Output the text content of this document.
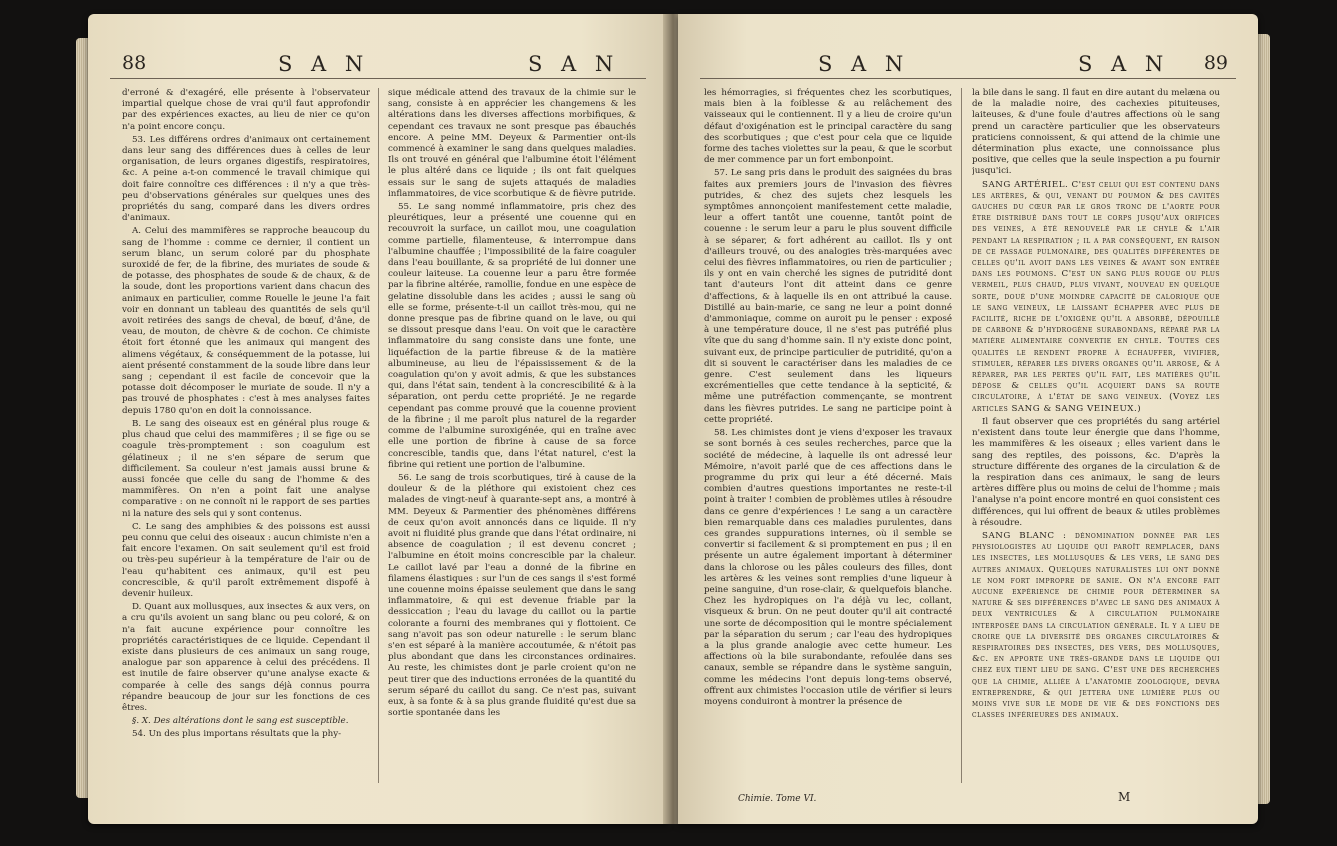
88	S A N	S A N

d'erroné & d'exagéré, elle présente à l'observateur impartial quelque chose de vrai qu'il faut approfondir par des expériences exactes, au lieu de nier ce qu'on n'a point encore conçu.

53. Les différens ordres d'animaux ont certainement dans leur sang des différences dues à celles de leur organisation, de leurs organes digestifs, respiratoires, &c. A peine a-t-on commencé le travail chimique qui doit faire connoître ces différences : il n'y a que très-peu d'observations générales sur quelques unes des propriétés du sang, comparé dans les divers ordres d'animaux.

A. Celui des mammifères se rapproche beaucoup du sang de l'homme : comme ce dernier, il contient un serum blanc, un serum coloré par du phosphate suroxidé de fer, de la fibrine, des muriates de soude & de potasse, des phosphates de soude & de chaux, & de la soude, dont les proportions varient dans chacun des animaux en particulier, comme Rouelle le jeune l'a fait voir en donnant un tableau des quantités de sels qu'il avoit retirées des sangs de cheval, de bœuf, d'âne, de veau, de mouton, de chèvre & de cochon. Ce chimiste étoit fort étonné que les animaux qui mangent des alimens végétaux, & conséquemment de la potasse, lui aient présenté constamment de la soude libre dans leur sang ; cependant il est facile de concevoir que la potasse doit décomposer le muriate de soude. Il n'y a pas trouvé de phosphates : c'est à mes analyses faites depuis 1780 qu'on en doit la connoissance.

B. Le sang des oiseaux est en général plus rouge & plus chaud que celui des mammifères ; il se fige ou se coagule très-promptement : son coagulum est gélatineux ; il ne s'en sépare de serum que difficilement. Sa couleur n'est jamais aussi brune & aussi foncée que celle du sang de l'homme & des mammifères. On n'en a point fait une analyse comparative : on ne connoît ni le rapport de ses parties ni la nature des sels qui y sont contenus.

C. Le sang des amphibies & des poissons est aussi peu connu que celui des oiseaux : aucun chimiste n'en a fait encore l'examen. On sait seulement qu'il est froid ou très-peu supérieur à la température de l'air ou de l'eau qu'habitent ces animaux, qu'il est peu concrescible, & qu'il paroît extrêmement dispofé à devenir huileux.

D. Quant aux mollusques, aux insectes & aux vers, on a cru qu'ils avoient un sang blanc ou peu coloré, & on n'a fait aucune expérience pour connoître les propriétés caractéristiques de ce liquide. Cependant il existe dans plusieurs de ces animaux un sang rouge, analogue par son apparence à celui des précédens. Il est inutile de faire observer qu'une analyse exacte & comparée à celle des sangs déjà connus pourra répandre beaucoup de jour sur les fonctions de ces êtres.

§. X. Des altérations dont le sang est susceptible.

54. Un des plus importans résultats que la phy-

sique médicale attend des travaux de la chimie sur le sang, consiste à en apprécier les changemens & les altérations dans les diverses affections morbifiques, & cependant ces travaux ne sont presque pas ébauchés encore. A peine MM. Deyeux & Parmentier ont-ils commencé à examiner le sang dans quelques maladies. Ils ont trouvé en général que l'albumine étoit l'élément le plus altéré dans ce liquide ; ils ont fait quelques essais sur le sang de sujets attaqués de maladies inflammatoires, de vice scorbutique & de fièvre putride.

55. Le sang nommé inflammatoire, pris chez des pleurétiques, leur a présenté une couenne qui en recouvroit la surface, un caillot mou, une coagulation comme partielle, filamenteuse, & interrompue dans l'albumine chauffée ; l'impossibilité de la faire coaguler dans l'eau bouillante, & sa propriété de lui donner une couleur laiteuse. La couenne leur a paru être formée par la fibrine altérée, ramollie, fondue en une espèce de gelatine dissoluble dans les acides ; aussi le sang où elle se forme, présente-t-il un caillot très-mou, qui ne donne presque pas de fibrine quand on le lave, ou qui se dissout presque dans l'eau. On voit que le caractère inflammatoire du sang consiste dans une fonte, une liquéfaction de la partie fibreuse & de la matière albumineuse, au lieu de l'épaississement & de la coagulation qu'on y avoit admis, & que les substances qui, dans l'état sain, tendent à la concrescibilité & à la séparation, ont perdu cette propriété. Je ne regarde cependant pas comme prouvé que la couenne provient de la fibrine ; il me paroît plus naturel de la regarder comme de l'albumine suroxigénée, qui en traîne avec elle une portion de fibrine à cause de sa force concrescible, tandis que, dans l'état naturel, c'est la fibrine qui retient une portion de l'albumine.

56. Le sang de trois scorbutiques, tiré à cause de la douleur & de la pléthore qui existoient chez ces malades de vingt-neuf à quarante-sept ans, a montré à MM. Deyeux & Parmentier des phénomènes différens de ceux qu'on avoit annoncés dans ce liquide. Il n'y avoit ni fluidité plus grande que dans l'état ordinaire, ni absence de coagulation ; il est devenu concret ; l'albumine en étoit moins concrescible par la chaleur. Le caillot lavé par l'eau a donné de la fibrine en filamens élastiques : sur l'un de ces sangs il s'est formé une couenne moins épaisse seulement que dans le sang inflammatoire, & qui est devenue friable par la dessiccation ; l'eau du lavage du caillot ou la partie colorante a fourni des membranes qui y flottoient. Ce sang n'avoit pas son odeur naturelle : le serum blanc s'en est séparé à la manière accoutumée, & n'étoit pas plus abondant que dans les circonstances ordinaires. Au reste, les chimistes dont je parle croient qu'on ne peut tirer que des inductions erronées de la quantité du serum séparé du caillot du sang. Ce n'est pas, suivant eux, à sa fonte & à sa plus grande fluidité qu'est due sa sortie spontanée dans les

S A N	S A N 89

les hémorragies, si fréquentes chez les scorbutiques, mais bien à la foiblesse & au relâchement des vaisseaux qui le contiennent. Il y a lieu de croire qu'un défaut d'oxigénation est le principal caractère du sang des scorbutiques ; que c'est pour cela que ce liquide forme des taches violettes sur la peau, & que le scorbut de mer commence par un fort embonpoint.

57. Le sang pris dans le produit des saignées du bras faites aux premiers jours de l'invasion des fièvres putrides, & chez des sujets chez lesquels les symptômes annonçoient manifestement cette maladie, leur a offert tantôt une couenne, tantôt point de couenne : le serum leur a paru le plus souvent difficile à se séparer, & fort adhérent au caillot. Ils y ont d'ailleurs trouvé, ou des analogies très-marquées avec celui des fièvres inflammatoires, ou rien de particulier ; ils y ont en vain cherché les signes de putridité dont tant d'auteurs l'ont dit atteint dans ce genre d'affections, & à laquelle ils en ont attribué la cause. Distillé au bain-marie, ce sang ne leur a point donné d'ammoniaque, comme on auroit pu le penser : exposé à une température douce, il ne s'est pas putréfié plus vîte que du sang d'homme sain. Il n'y existe donc point, suivant eux, de principe particulier de putridité, qu'on a dit si souvent le caractériser dans les maladies de ce genre. C'est seulement dans les liqueurs excrémentielles que cette tendance à la septicité, & même une putréfaction commençante, se montrent dans les fièvres putrides. Le sang ne participe point à cette propriété.

58. Les chimistes dont je viens d'exposer les travaux se sont bornés à ces seules recherches, parce que la société de médecine, à laquelle ils ont adressé leur Mémoire, n'avoit parlé que de ces affections dans le programme du prix qui leur a été décerné. Mais combien d'autres questions importantes ne reste-t-il point à traiter ! combien de problèmes utiles à résoudre dans ce genre d'expériences ! Le sang a un caractère bien remarquable dans ces maladies purulentes, dans ces grandes suppurations internes, où il semble se convertir si facilement & si promptement en pus ; il en présente un autre également important à déterminer dans la chlorose ou les pâles couleurs des filles, dont les artères & les veines sont remplies d'une liqueur à peine sanguine, d'un rose-clair, & quelquefois blanche. Chez les hydropiques on l'a déjà vu lec, collant, visqueux & brun. On ne peut douter qu'il ait contracté une sorte de décomposition qui le montre spécialement par la séparation du serum ; car l'eau des hydropiques a la plus grande analogie avec cette humeur. Les affections où la bile surabondante, refoulée dans ses canaux, semble se répandre dans le système sanguin, comme les médecins l'ont depuis long-tems observé, offrent aux chimistes l'occasion utile de vérifier si leurs moyens conduiront à montrer la présence de

la bile dans le sang. Il faut en dire autant du melæna ou de la maladie noire, des cachexies pituiteuses, laiteuses, & d'une foule d'autres affections où le sang prend un caractère particulier que les observateurs praticiens connoissent, & qui attend de la chimie une détermination plus exacte, une connoissance plus positive, que celles que la seule inspection a pu fournir jusqu'ici.

SANG ARTÉRIEL. C'est celui qui est contenu dans les artères, & qui, venant du poumon & des cavités gauches du cœur par le gros tronc de l'aorte pour être distribué dans tout le corps jusqu'aux orifices des veines, a été renouvelé par le chyle & l'air pendant la respiration ; il a par conséquent, en raison de ce passage pulmonaire, des qualités différentes de celles qu'il avoit dans les veines & avant son entrée dans les poumons. C'est un sang plus rouge ou plus vermeil, plus chaud, plus vivant, nouveau en quelque sorte, doué d'une moindre capacité de calorique que le sang veineux, le laissant échapper avec plus de facilité, riche de l'oxigène qu'il a absorbé, dépouillé de carbone & d'hydrogène surabondans, réparé par la matière alimentaire convertie en chyle. Toutes ces qualités le rendent propre à échauffer, vivifier, stimuler, réparer les divers organes qu'il arrose, & à réparer, par les pertes qu'il fait, les matières qu'il dépose & celles qu'il acquiert dans sa route circulatoire, à l'état de sang veineux. (Voyez les articles SANG & SANG VEINEUX.)

Il faut observer que ces propriétés du sang artériel n'existent dans toute leur énergie que dans l'homme, les mammifères & les oiseaux ; elles varient dans le sang des reptiles, des poissons, &c. D'après la structure différente des organes de la circulation & de la respiration dans ces animaux, le sang de leurs artères diffère plus ou moins de celui de l'homme ; mais l'analyse n'a point encore montré en quoi consistent ces différences, qui lui offrent de beaux & utiles problèmes à résoudre.

SANG BLANC : dénomination donnée par les physiologistes au liquide qui paroît remplacer, dans les insectes, les mollusques & les vers, le sang des autres animaux. Quelques naturalistes lui ont donné le nom fort impropre de sanie. On n'a encore fait aucune expérience de chimie pour déterminer sa nature & ses différences d'avec le sang des animaux à deux ventricules & à circulation pulmonaire interposée dans la circulation générale. Il y a lieu de croire que la diversité des organes circulatoires & respiratoires des insectes, des vers, des mollusques, &c. en apporte une très-grande dans le liquide qui chez eux tient lieu de sang. C'est une des recherches que la chimie, alliée à l'anatomie zoologique, devra entreprendre, & qui jettera une lumière plus ou moins vive sur le mode de vie & des fonctions des classes inférieures des animaux.

Chimie. Tome VI.	M
